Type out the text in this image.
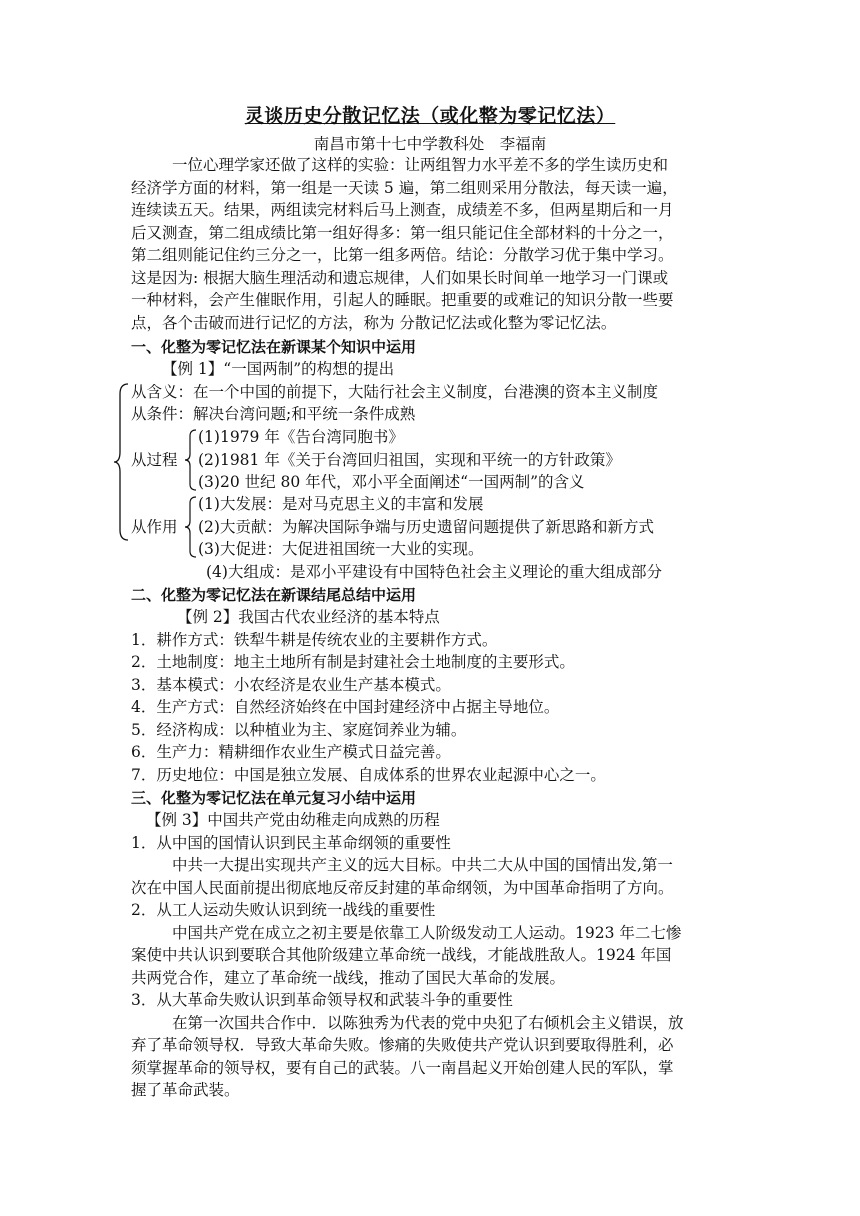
灵谈历史分散记忆法（或化整为零记忆法）
南昌市第十七中学教科处　李福南
一位心理学家还做了这样的实验：让两组智力水平差不多的学生读历史和
经济学方面的材料，第一组是一天读 5 遍，第二组则采用分散法，每天读一遍，
连续读五天。结果，两组读完材料后马上测查，成绩差不多，但两星期后和一月
后又测查，第二组成绩比第一组好得多：第一组只能记住全部材料的十分之一，
第二组则能记住约三分之一，比第一组多两倍。结论：分散学习优于集中学习。
这是因为: 根据大脑生理活动和遗忘规律，人们如果长时间单一地学习一门课或
一种材料，会产生催眠作用，引起人的睡眠。把重要的或难记的知识分散一些要
点，各个击破而进行记忆的方法，称为 分散记忆法或化整为零记忆法。
一、化整为零记忆法在新课某个知识中运用
【例 1】“一国两制”的构想的提出
从含义：在一个中国的前提下，大陆行社会主义制度，台港澳的资本主义制度
从条件：解决台湾问题;和平统一条件成熟
从过程
(1)1979 年《告台湾同胞书》
(2)1981 年《关于台湾回归祖国，实现和平统一的方针政策》
(3)20 世纪 80 年代，邓小平全面阐述“一国两制”的含义
从作用
(1)大发展：是对马克思主义的丰富和发展
(2)大贡献：为解决国际争端与历史遗留问题提供了新思路和新方式
(3)大促进：大促进祖国统一大业的实现。
(4)大组成：是邓小平建设有中国特色社会主义理论的重大组成部分
二、化整为零记忆法在新课结尾总结中运用
【例 2】我国古代农业经济的基本特点
1．耕作方式：铁犁牛耕是传统农业的主要耕作方式。
2．土地制度：地主土地所有制是封建社会土地制度的主要形式。
3．基本模式：小农经济是农业生产基本模式。
4．生产方式：自然经济始终在中国封建经济中占据主导地位。
5．经济构成：以种植业为主、家庭饲养业为辅。
6．生产力：精耕细作农业生产模式日益完善。
7．历史地位：中国是独立发展、自成体系的世界农业起源中心之一。
三、化整为零记忆法在单元复习小结中运用
【例 3】中国共产党由幼稚走向成熟的历程
1．从中国的国情认识到民主革命纲领的重要性
中共一大提出实现共产主义的远大目标。中共二大从中国的国情出发,第一
次在中国人民面前提出彻底地反帝反封建的革命纲领，为中国革命指明了方向。
2．从工人运动失败认识到统一战线的重要性
中国共产党在成立之初主要是依靠工人阶级发动工人运动。1923 年二七惨
案使中共认识到要联合其他阶级建立革命统一战线，才能战胜敌人。1924 年国
共两党合作，建立了革命统一战线，推动了国民大革命的发展。
3．从大革命失败认识到革命领导权和武装斗争的重要性
在第一次国共合作中．以陈独秀为代表的党中央犯了右倾机会主义错误，放
弃了革命领导权．导致大革命失败。惨痛的失败使共产党认识到要取得胜利，必
须掌握革命的领导权，要有自己的武装。八一南昌起义开始创建人民的军队，掌
握了革命武装。
